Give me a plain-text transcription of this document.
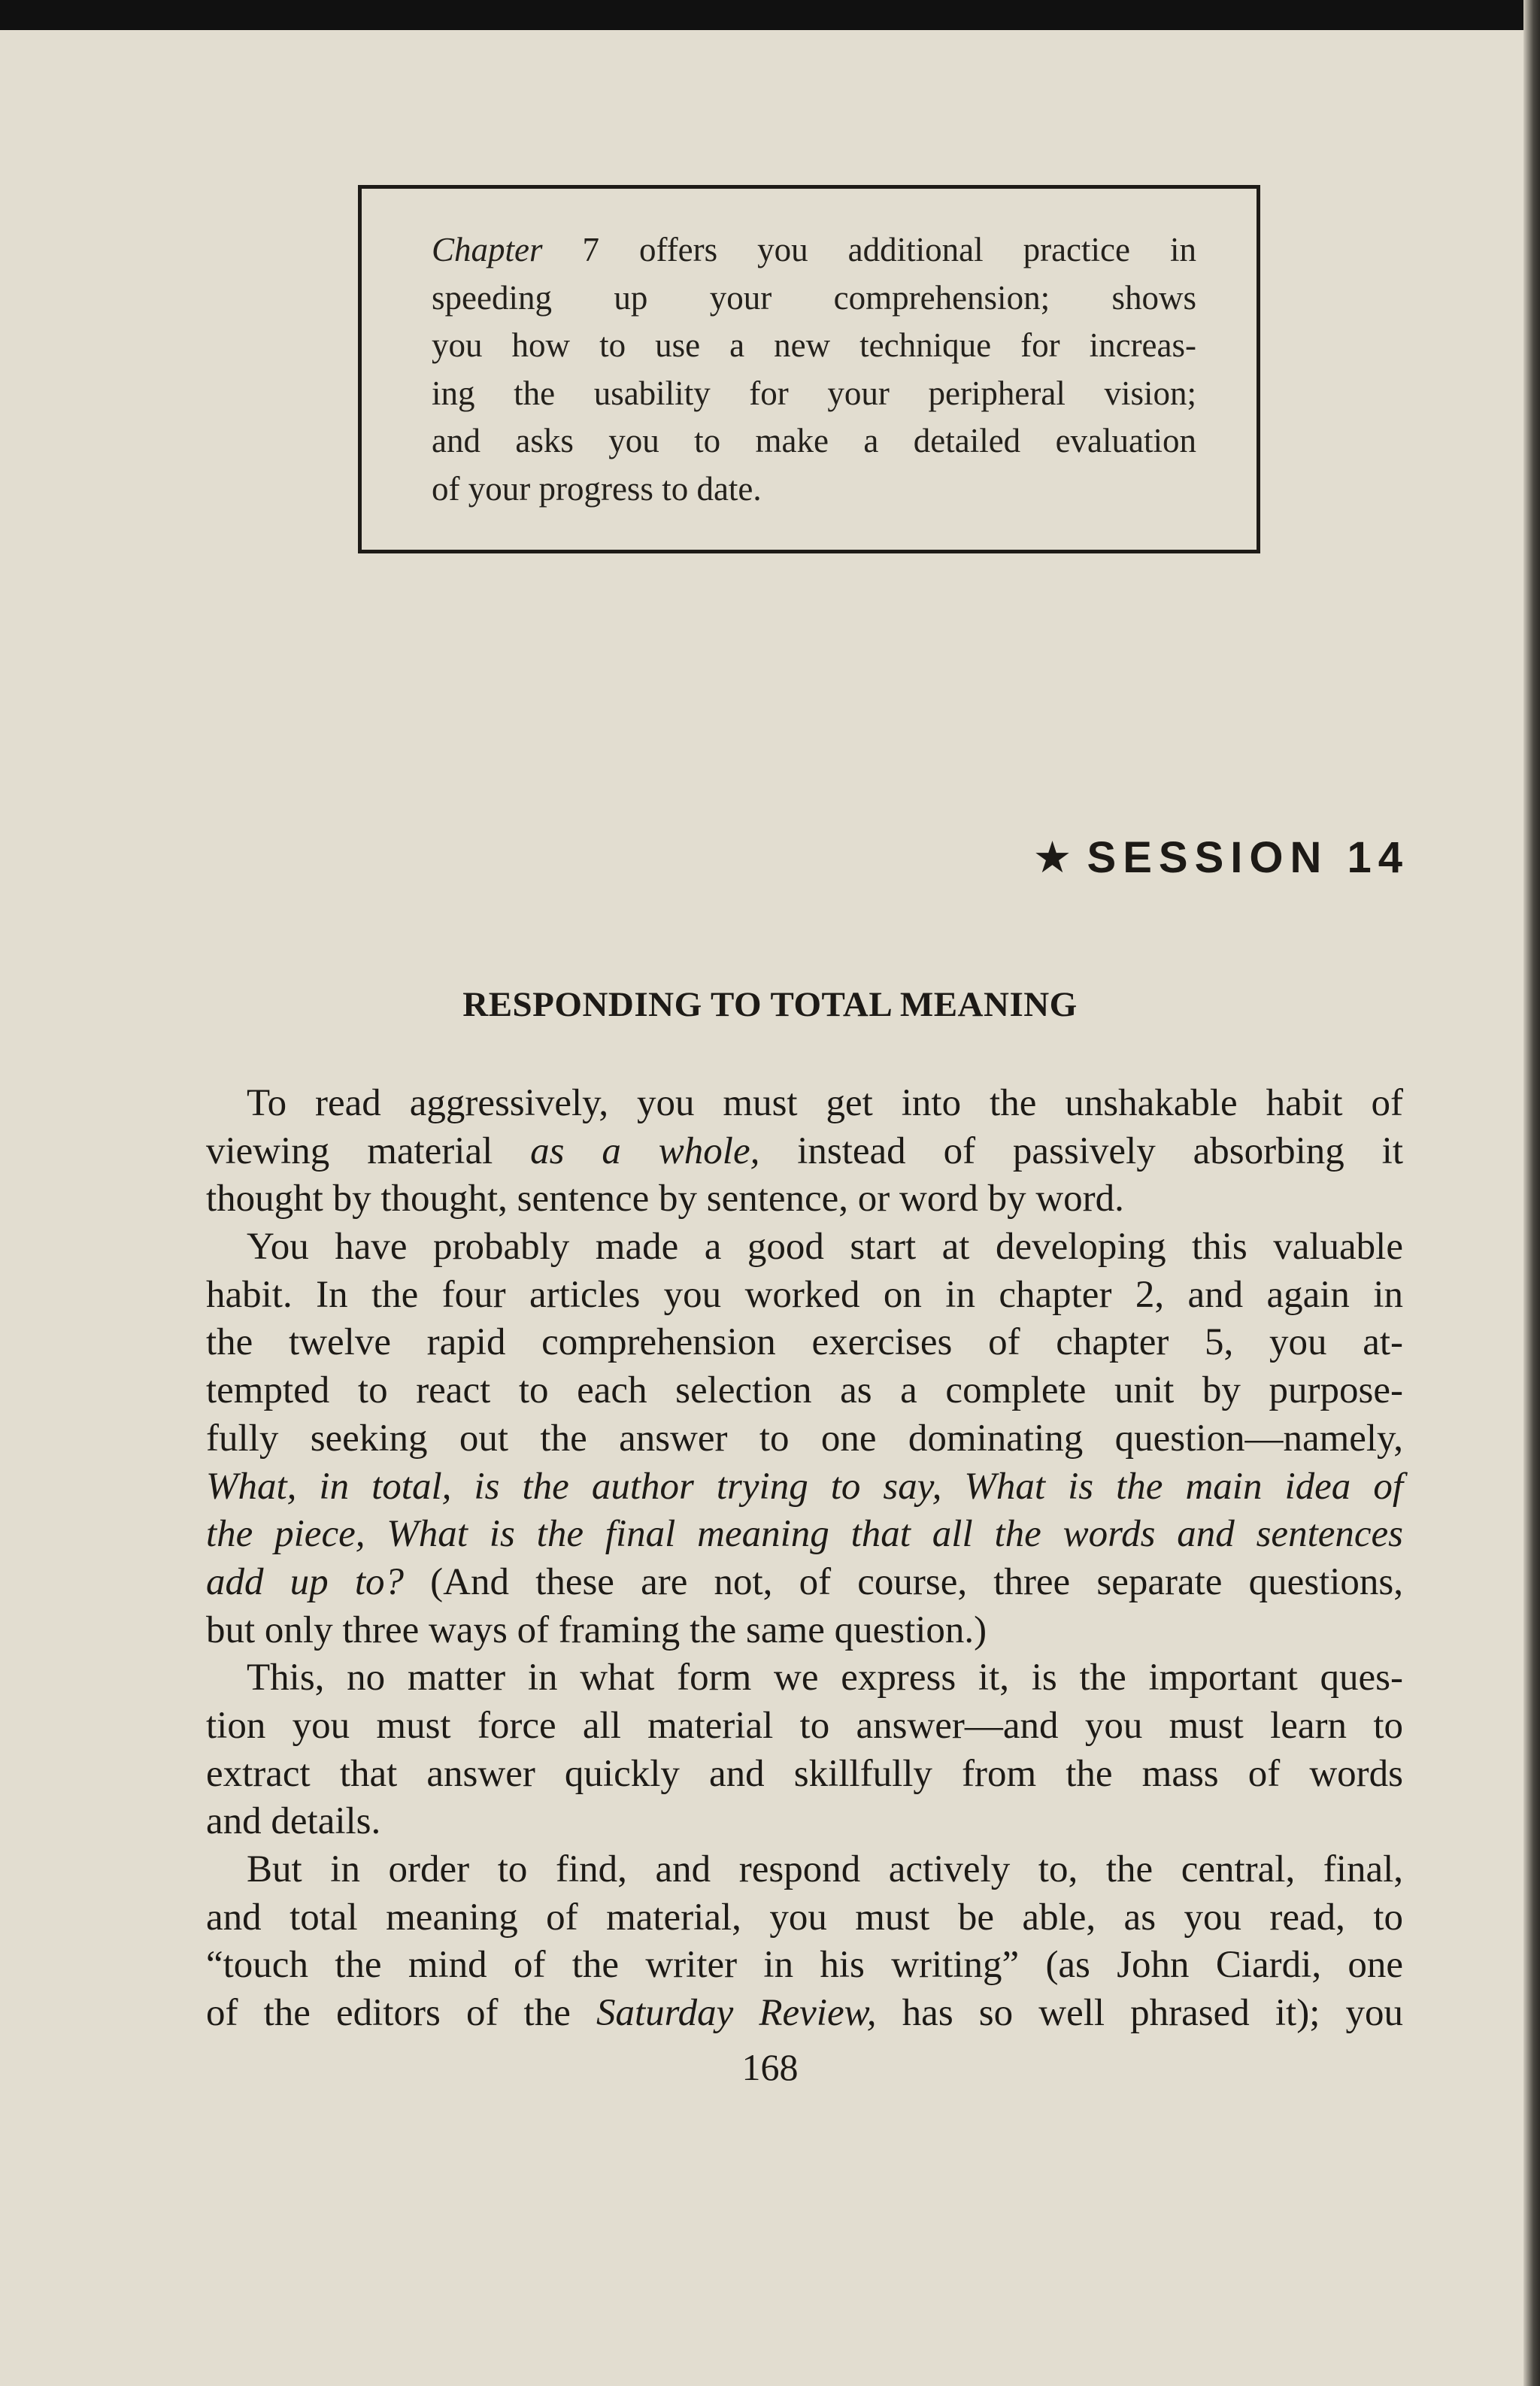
Chapter 7 offers you additional practice in
speeding up your comprehension; shows
you how to use a new technique for increas-
ing the usability for your peripheral vision;
and asks you to make a detailed evaluation
of your progress to date.
★ SESSION 14
RESPONDING TO TOTAL MEANING
To read aggressively, you must get into the unshakable habit of
viewing material as a whole, instead of passively absorbing it
thought by thought, sentence by sentence, or word by word.
You have probably made a good start at developing this valuable
habit. In the four articles you worked on in chapter 2, and again in
the twelve rapid comprehension exercises of chapter 5, you at-
tempted to react to each selection as a complete unit by purpose-
fully seeking out the answer to one dominating question—namely,
What, in total, is the author trying to say, What is the main idea of
the piece, What is the final meaning that all the words and sentences
add up to? (And these are not, of course, three separate questions,
but only three ways of framing the same question.)
This, no matter in what form we express it, is the important ques-
tion you must force all material to answer—and you must learn to
extract that answer quickly and skillfully from the mass of words
and details.
But in order to find, and respond actively to, the central, final,
and total meaning of material, you must be able, as you read, to
“touch the mind of the writer in his writing” (as John Ciardi, one
of the editors of the Saturday Review, has so well phrased it); you
168
